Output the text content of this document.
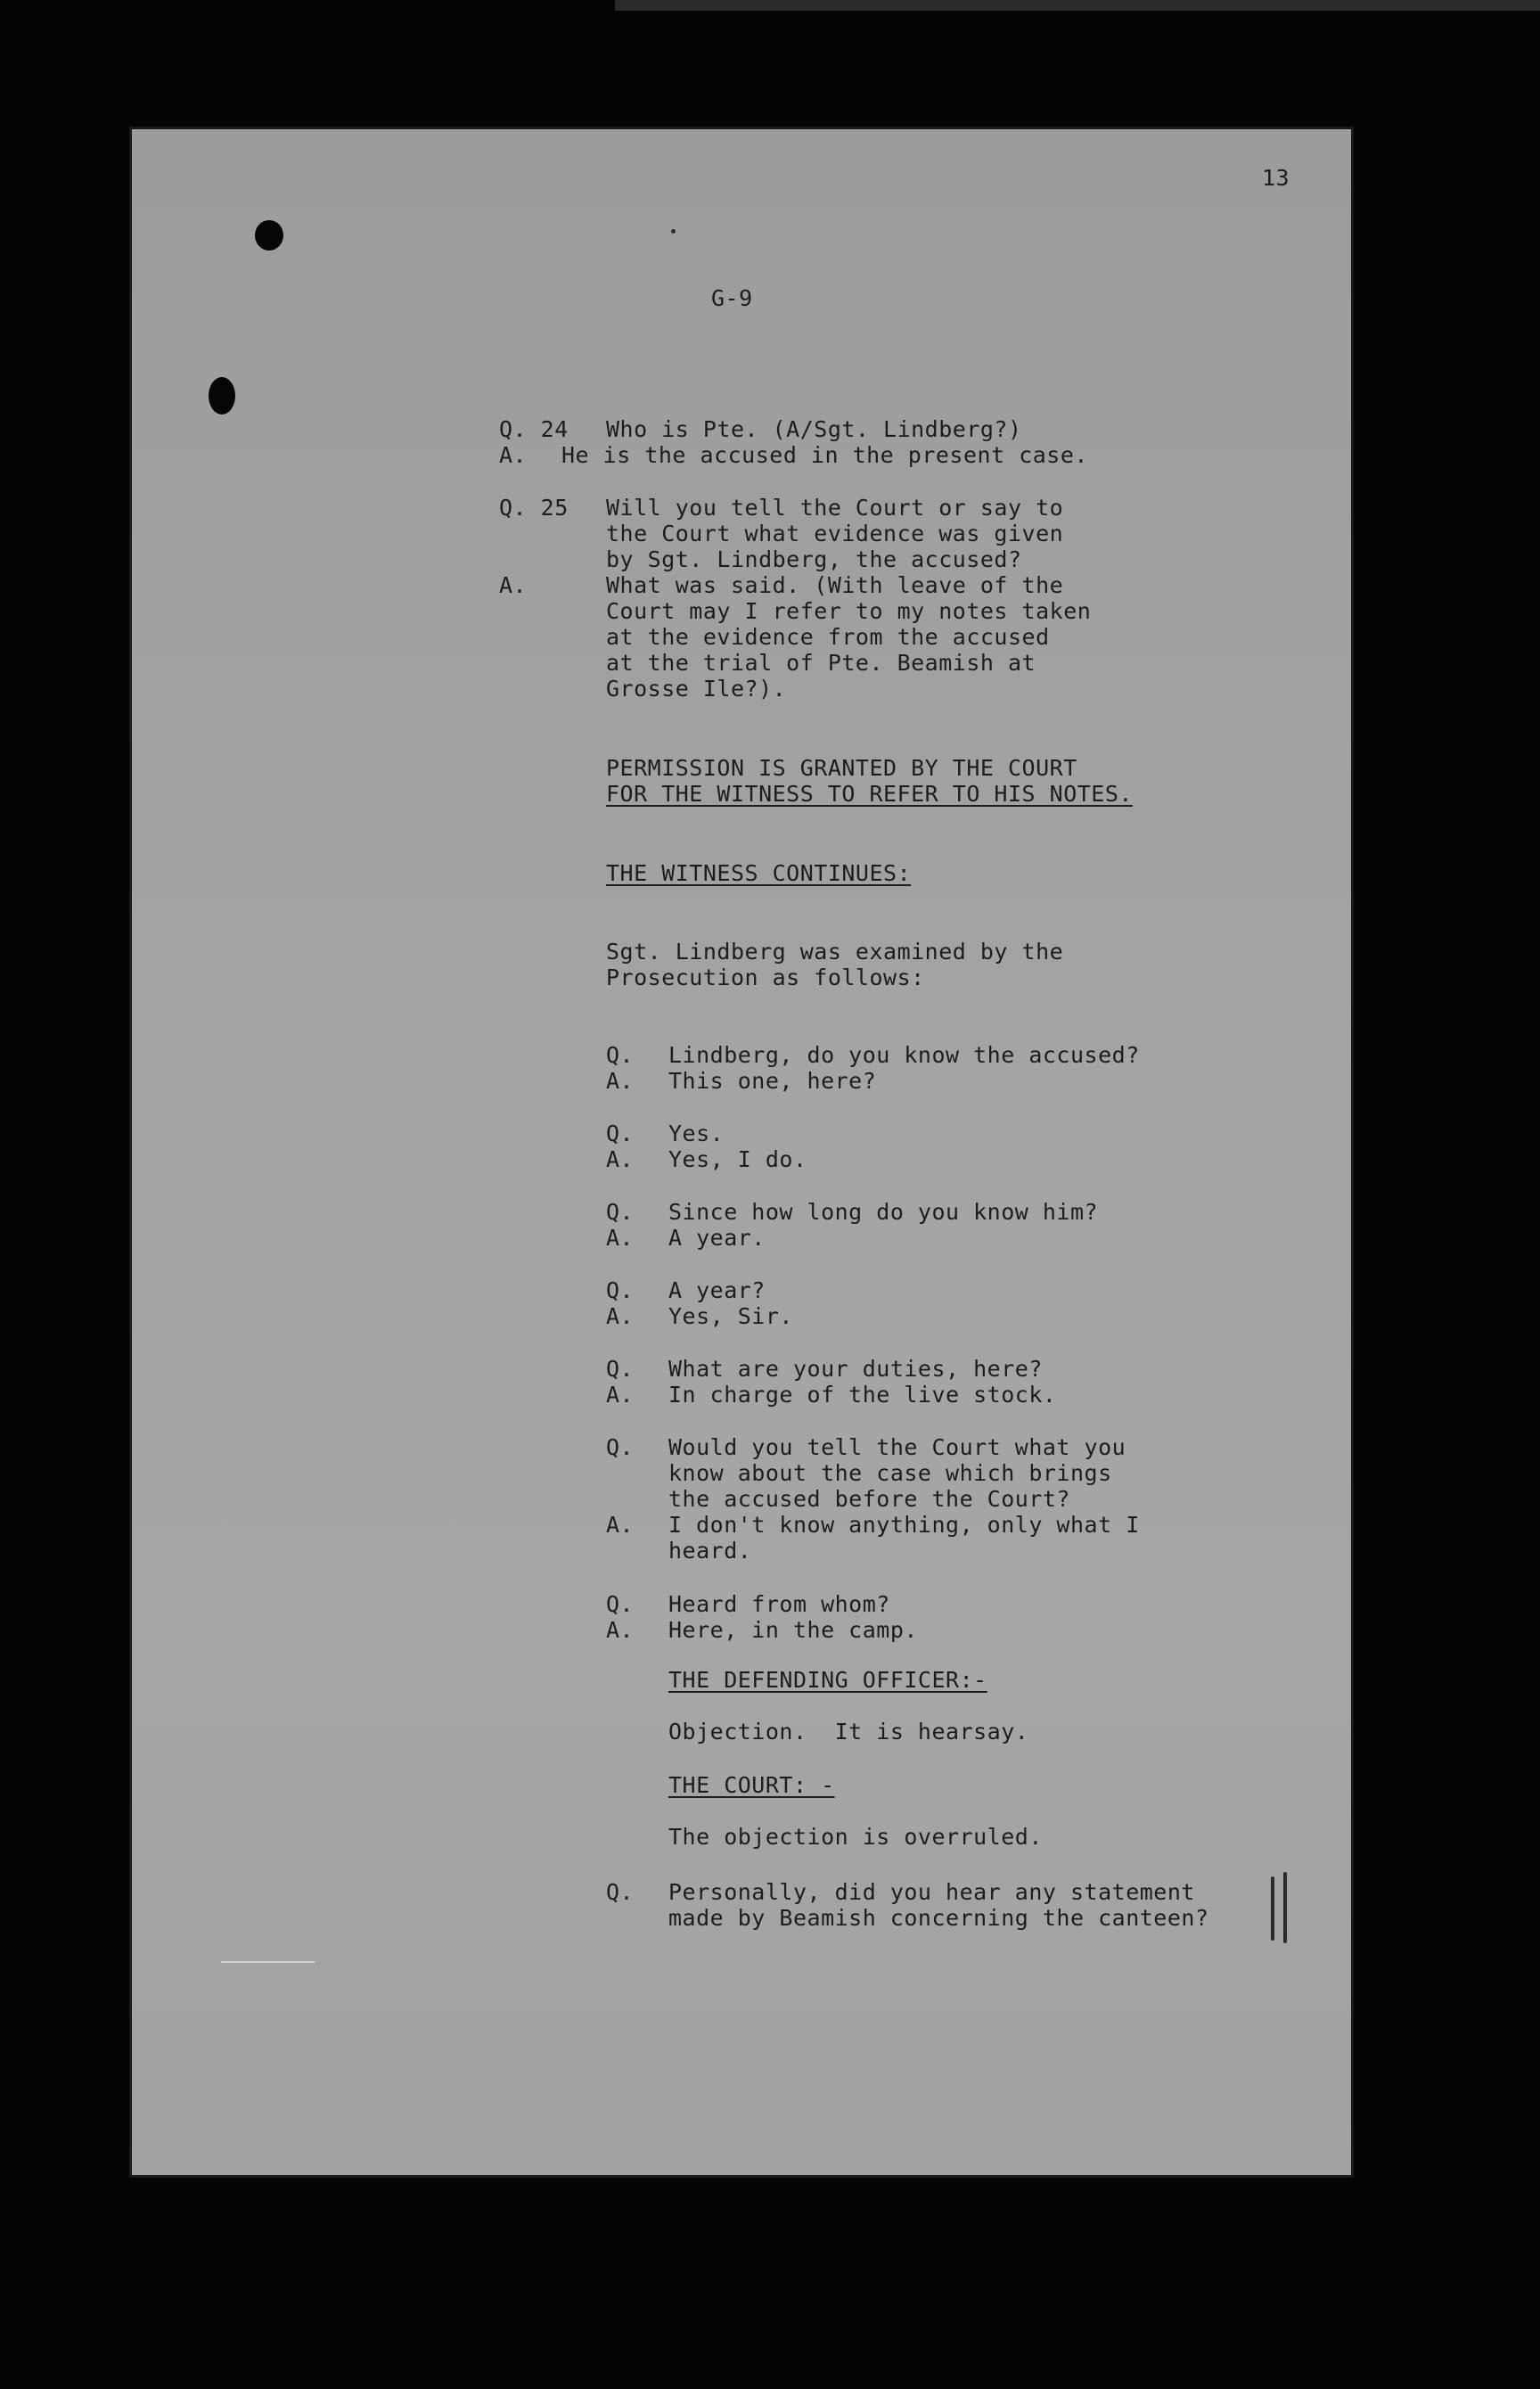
13
G-9
Q. 24 Who is Pte. (A/Sgt. Lindberg?)
A. He is the accused in the present case.
Q. 25 Will you tell the Court or say to
the Court what evidence was given
by Sgt. Lindberg, the accused?
A.	What was said. (With leave of the
Court may I refer to my notes taken
at the evidence from the accused
at the trial of Pte. Beamish at
Grosse Ile?).
PERMISSION IS GRANTED BY THE COURT
FOR THE WITNESS TO REFER TO HIS NOTES.
THE WITNESS CONTINUES:
Sgt. Lindberg was examined by the
Prosecution as follows:
Q. Lindberg, do you know the accused?
A. This one, here?
Q. Yes.
A. Yes, I do.
Q. Since how long do you know him?
A. A year.
Q. A year?
A. Yes, Sir.
Q. What are your duties, here?
A. In charge of the live stock.
Q. Would you tell the Court what you
know about the case which brings
the accused before the Court?
A. I don't know anything, only what I
heard.
Q. Heard from whom?
A. Here, in the camp.
THE DEFENDING OFFICER:-
Objection.  It is hearsay.
THE COURT: -
The objection is overruled.
Q. Personally, did you hear any statement
made by Beamish concerning the canteen?
